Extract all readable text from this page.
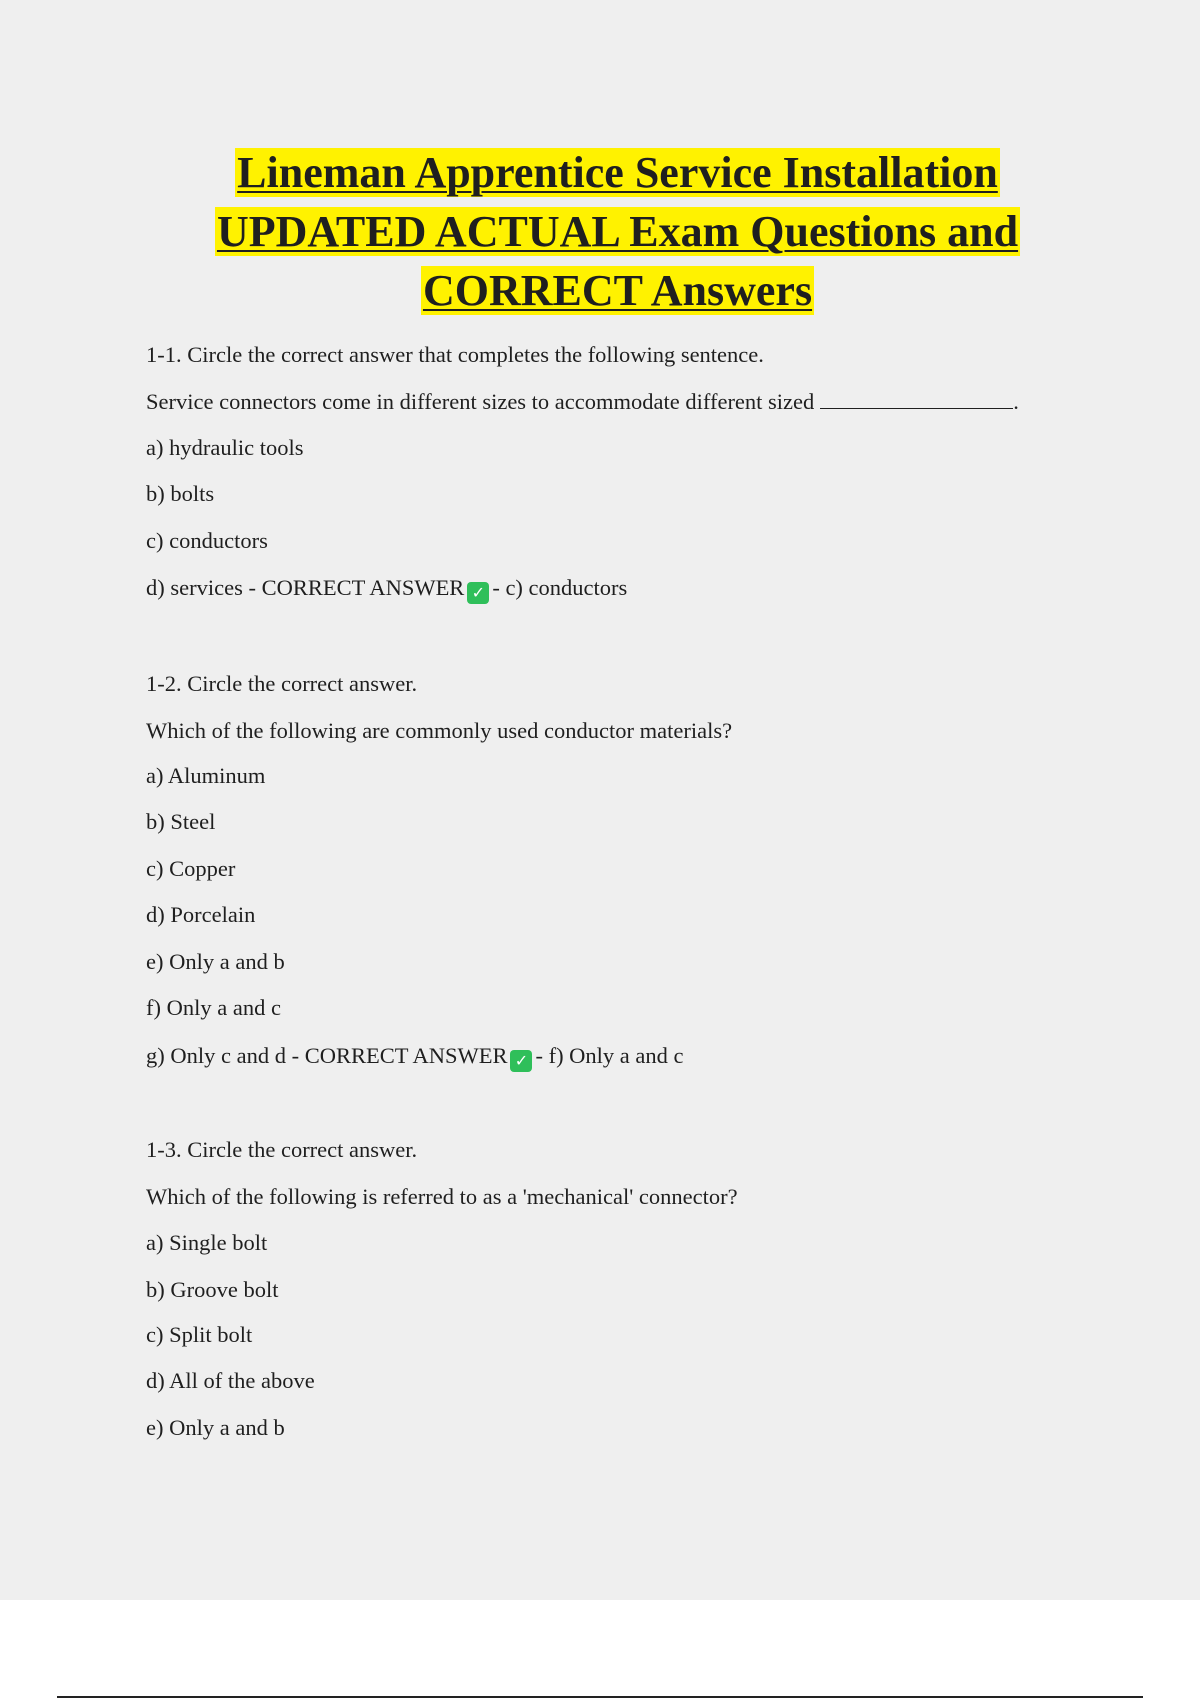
Lineman Apprentice Service Installation
UPDATED ACTUAL Exam Questions and
CORRECT Answers
1-1. Circle the correct answer that completes the following sentence.
Service connectors come in different sizes to accommodate different sized	.
a) hydraulic tools
b) bolts
c) conductors
d) services - CORRECT ANSWER ✓ - c) conductors
1-2. Circle the correct answer.
Which of the following are commonly used conductor materials?
a) Aluminum
b) Steel
c) Copper
d) Porcelain
e) Only a and b
f) Only a and c
g) Only c and d - CORRECT ANSWER ✓ - f) Only a and c
1-3. Circle the correct answer.
Which of the following is referred to as a 'mechanical' connector?
a) Single bolt
b) Groove bolt
c) Split bolt
d) All of the above
e) Only a and b
